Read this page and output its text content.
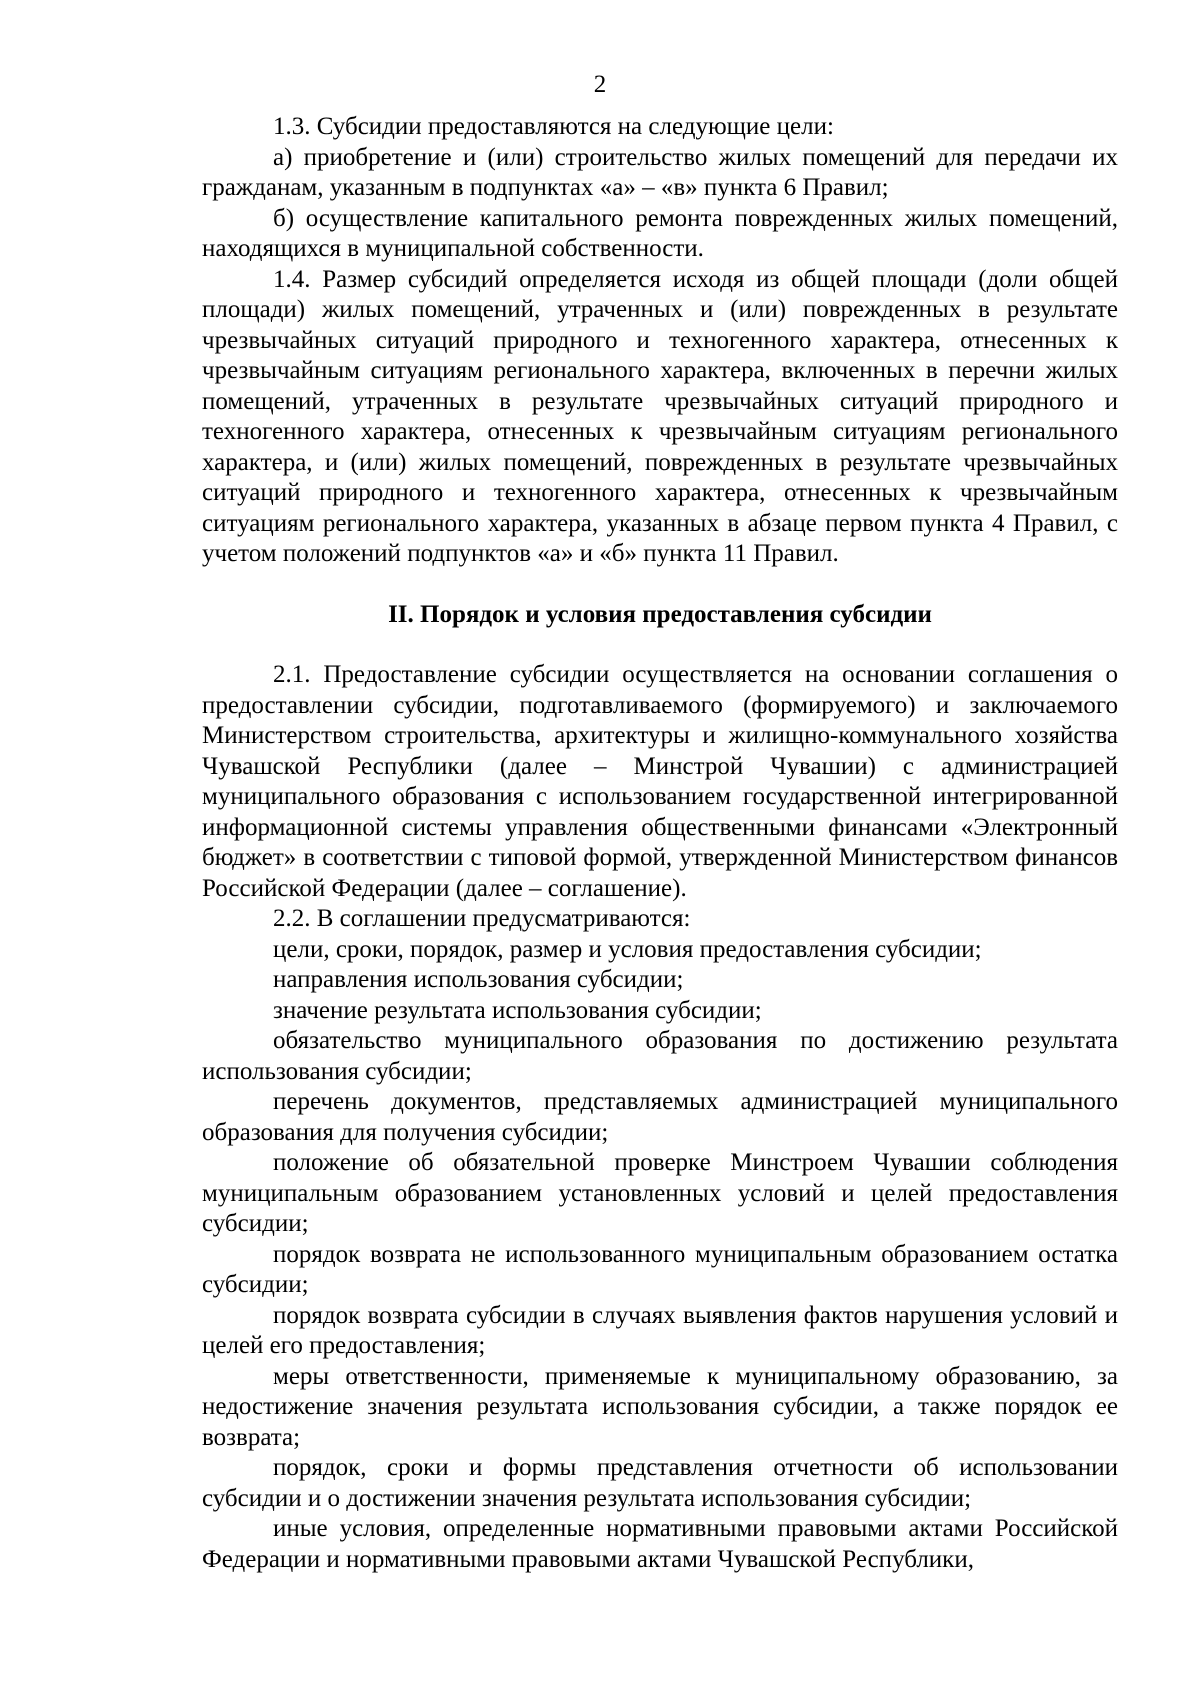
2

1.3. Субсидии предоставляются на следующие цели:

а) приобретение и (или) строительство жилых помещений для передачи их гражданам, указанным в подпунктах «а» – «в» пункта 6 Правил;

б) осуществление капитального ремонта поврежденных жилых помещений, находящихся в муниципальной собственности.

1.4. Размер субсидий определяется исходя из общей площади (доли общей площади) жилых помещений, утраченных и (или) поврежденных в результате чрезвычайных ситуаций природного и техногенного характера, отнесенных к чрезвычайным ситуациям регионального характера, включенных в перечни жилых помещений, утраченных в результате чрезвычайных ситуаций природного и техногенного характера, отнесенных к чрезвычайным ситуациям регионального характера, и (или) жилых помещений, поврежденных в результате чрезвычайных ситуаций природного и техногенного характера, отнесенных к чрезвычайным ситуациям регионального характера, указанных в абзаце первом пункта 4 Правил, с учетом положений подпунктов «а» и «б» пункта 11 Правил.

II. Порядок и условия предоставления субсидии

2.1. Предоставление субсидии осуществляется на основании соглашения о предоставлении субсидии, подготавливаемого (формируемого) и заключаемого Министерством строительства, архитектуры и жилищно-коммунального хозяйства Чувашской Республики (далее – Минстрой Чувашии) с администрацией муниципального образования с использованием государственной интегрированной информационной системы управления общественными финансами «Электронный бюджет» в соответствии с типовой формой, утвержденной Министерством финансов Российской Федерации (далее – соглашение).

2.2. В соглашении предусматриваются:

цели, сроки, порядок, размер и условия предоставления субсидии;

направления использования субсидии;

значение результата использования субсидии;

обязательство муниципального образования по достижению результата использования субсидии;

перечень документов, представляемых администрацией муниципального образования для получения субсидии;

положение об обязательной проверке Минстроем Чувашии соблюдения муниципальным образованием установленных условий и целей предоставления субсидии;

порядок возврата не использованного муниципальным образованием остатка субсидии;

порядок возврата субсидии в случаях выявления фактов нарушения условий и целей его предоставления;

меры ответственности, применяемые к муниципальному образованию, за недостижение значения результата использования субсидии, а также порядок ее возврата;

порядок, сроки и формы представления отчетности об использовании субсидии и о достижении значения результата использования субсидии;

иные условия, определенные нормативными правовыми актами Российской Федерации и нормативными правовыми актами Чувашской Республики,
